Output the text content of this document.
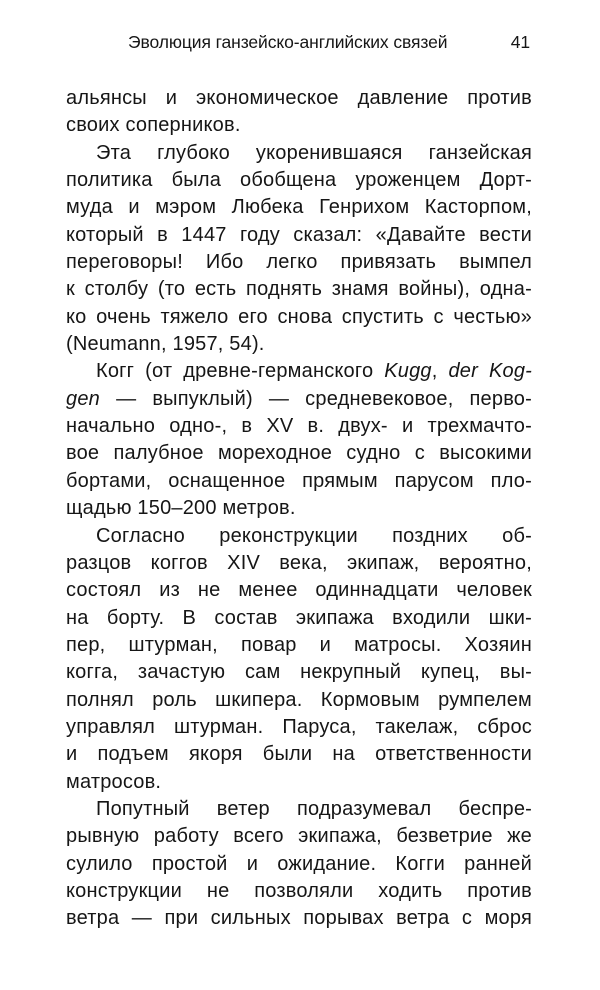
Эволюция ганзейско-английских связей	41
альянсы и экономическое давление против
своих соперников.
Эта глубоко укоренившаяся ганзейская
политика была обобщена уроженцем Дорт-
муда и мэром Любека Генрихом Касторпом,
который в 1447 году сказал: «Давайте вести
переговоры! Ибо легко привязать вымпел
к столбу (то есть поднять знамя войны), одна-
ко очень тяжело его снова спустить с честью»
(Neumann, 1957, 54).
Когг (от древне-германского Kugg, der Kog-
gen — выпуклый) — средневековое, перво-
начально одно-, в XV в. двух- и трехмачто-
вое палубное мореходное судно с высокими
бортами, оснащенное прямым парусом пло-
щадью 150–200 метров.
Согласно реконструкции поздних об-
разцов коггов XIV века, экипаж, вероятно,
состоял из не менее одиннадцати человек
на борту. В состав экипажа входили шки-
пер, штурман, повар и матросы. Хозяин
когга, зачастую сам некрупный купец, вы-
полнял роль шкипера. Кормовым румпелем
управлял штурман. Паруса, такелаж, сброс
и подъем якоря были на ответственности
матросов.
Попутный ветер подразумевал беспре-
рывную работу всего экипажа, безветрие же
сулило простой и ожидание. Когги ранней
конструкции не позволяли ходить против
ветра — при сильных порывах ветра с моря
